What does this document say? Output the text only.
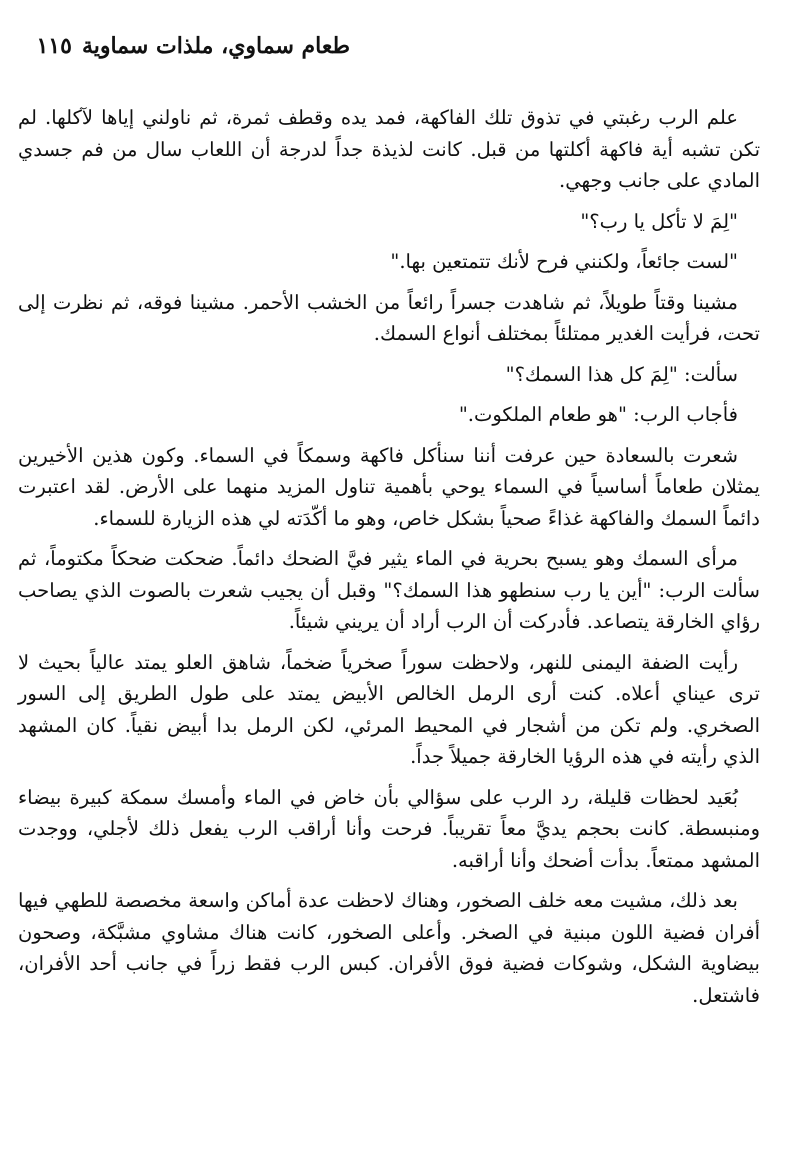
طعام سماوي، ملذات سماوية
١١٥

علم الرب رغبتي في تذوق تلك الفاكهة، فمد يده وقطف ثمرة، ثم ناولني إياها لآكلها. لم تكن تشبه أية فاكهة أكلتها من قبل. كانت لذيذة جداً لدرجة أن اللعاب سال من فم جسدي المادي على جانب وجهي.

"لِمَ لا تأكل يا رب؟"

"لست جائعاً، ولكنني فرح لأنك تتمتعين بها."

مشينا وقتاً طويلاً، ثم شاهدت جسراً رائعاً من الخشب الأحمر. مشينا فوقه، ثم نظرت إلى تحت، فرأيت الغدير ممتلئاً بمختلف أنواع السمك.

سألت: "لِمَ كل هذا السمك؟"

فأجاب الرب: "هو طعام الملكوت."

شعرت بالسعادة حين عرفت أننا سنأكل فاكهة وسمكاً في السماء. وكون هذين الأخيرين يمثلان طعاماً أساسياً في السماء يوحي بأهمية تناول المزيد منهما على الأرض. لقد اعتبرت دائماً السمك والفاكهة غذاءً صحياً بشكل خاص، وهو ما أكّدَته لي هذه الزيارة للسماء.

مرأى السمك وهو يسبح بحرية في الماء يثير فيَّ الضحك دائماً. ضحكت ضحكاً مكتوماً، ثم سألت الرب: "أين يا رب سنطهو هذا السمك؟" وقبل أن يجيب شعرت بالصوت الذي يصاحب رؤاي الخارقة يتصاعد. فأدركت أن الرب أراد أن يريني شيئاً.

رأيت الضفة اليمنى للنهر، ولاحظت سوراً صخرياً ضخماً، شاهق العلو يمتد عالياً بحيث لا ترى عيناي أعلاه. كنت أرى الرمل الخالص الأبيض يمتد على طول الطريق إلى السور الصخري. ولم تكن من أشجار في المحيط المرئي، لكن الرمل بدا أبيض نقياً. كان المشهد الذي رأيته في هذه الرؤيا الخارقة جميلاً جداً.

بُعَيد لحظات قليلة، رد الرب على سؤالي بأن خاض في الماء وأمسك سمكة كبيرة بيضاء ومنبسطة. كانت بحجم يديَّ معاً تقريباً. فرحت وأنا أراقب الرب يفعل ذلك لأجلي، ووجدت المشهد ممتعاً. بدأت أضحك وأنا أراقبه.

بعد ذلك، مشيت معه خلف الصخور، وهناك لاحظت عدة أماكن واسعة مخصصة للطهي فيها أفران فضية اللون مبنية في الصخر. وأعلى الصخور، كانت هناك مشاوي مشبَّكة، وصحون بيضاوية الشكل، وشوكات فضية فوق الأفران. كبس الرب فقط زراً في جانب أحد الأفران، فاشتعل.
